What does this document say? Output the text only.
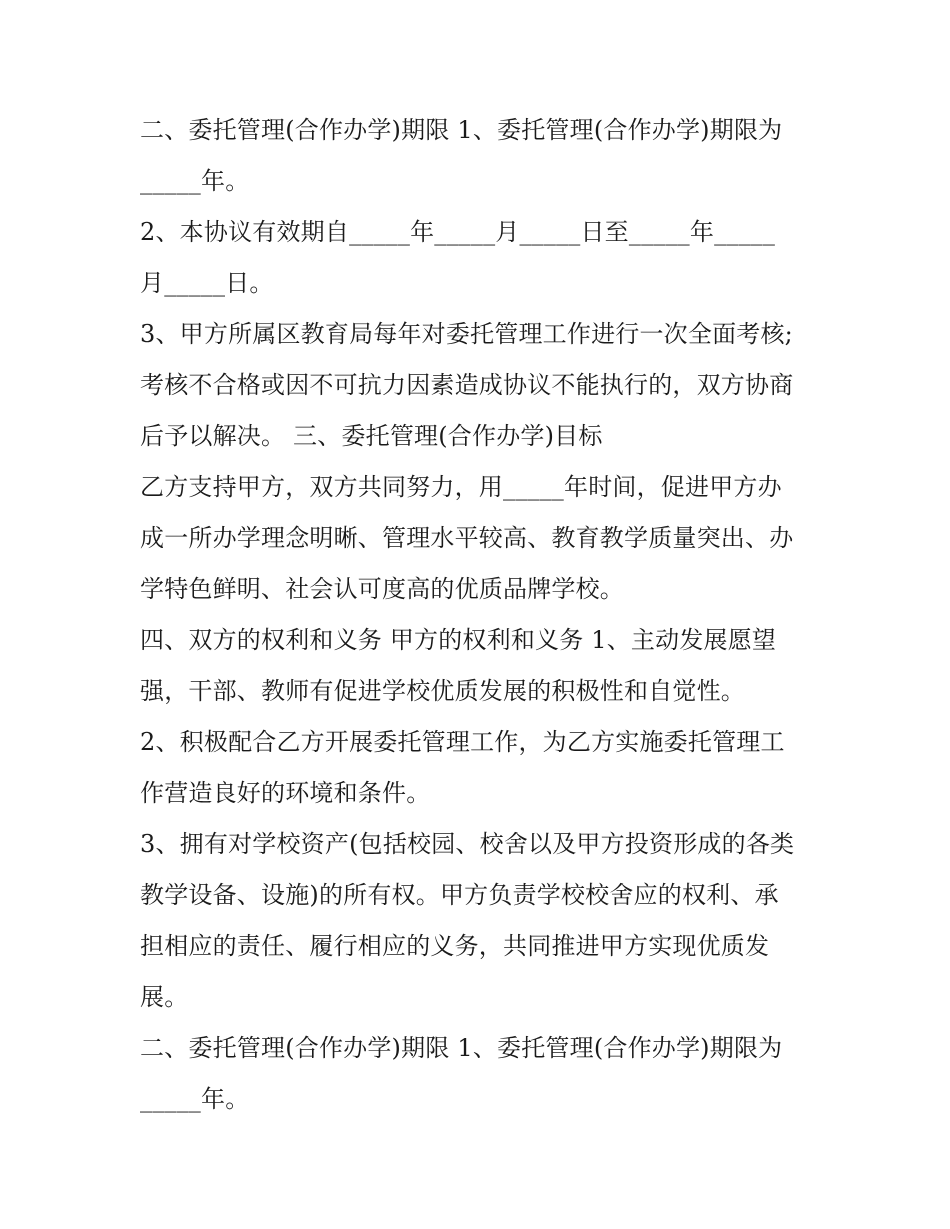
二、委托管理(合作办学)期限 1、委托管理(合作办学)期限为
_____年。
2、本协议有效期自_____年_____月_____日至_____年_____
月_____日。
3、甲方所属区教育局每年对委托管理工作进行一次全面考核;
考核不合格或因不可抗力因素造成协议不能执行的，双方协商
后予以解决。 三、委托管理(合作办学)目标
乙方支持甲方，双方共同努力，用_____年时间，促进甲方办
成一所办学理念明晰、管理水平较高、教育教学质量突出、办
学特色鲜明、社会认可度高的优质品牌学校。
四、双方的权利和义务 甲方的权利和义务 1、主动发展愿望
强，干部、教师有促进学校优质发展的积极性和自觉性。
2、积极配合乙方开展委托管理工作，为乙方实施委托管理工
作营造良好的环境和条件。
3、拥有对学校资产(包括校园、校舍以及甲方投资形成的各类
教学设备、设施)的所有权。甲方负责学校校舍应的权利、承
担相应的责任、履行相应的义务，共同推进甲方实现优质发
展。
二、委托管理(合作办学)期限 1、委托管理(合作办学)期限为
_____年。
